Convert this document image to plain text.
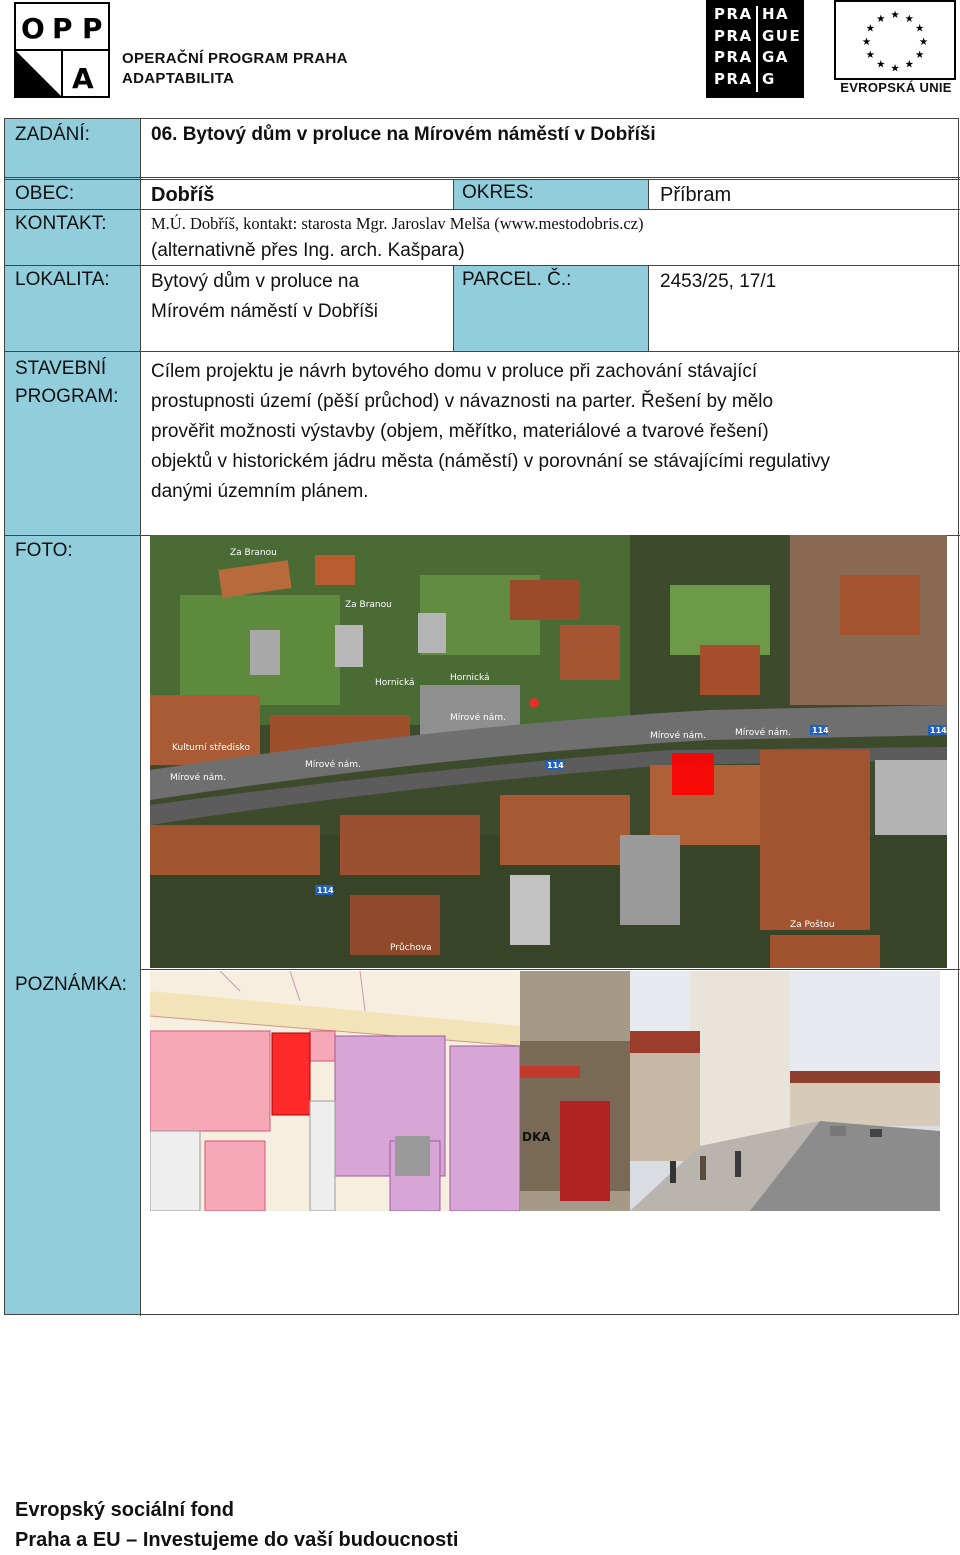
O P P
A
OPERAČNÍ PROGRAM PRAHA
ADAPTABILITA
PRA
PRA
PRA
PRA
HA
GUE
GA
G
★ ★
★
★
★
★
★
★
★
★
★
★
EVROPSKÁ UNIE
ZADÁNÍ:	06. Bytový dům v proluce na Mírovém náměstí v Dobříši
OBEC:	Dobříš	OKRES:	Příbram
KONTAKT:	M.Ú. Dobříš, kontakt: starosta Mgr. Jaroslav Melša (www.mestodobris.cz)
(alternativně přes Ing. arch. Kašpara)
LOKALITA: Bytový dům v proluce na
Mírovém náměstí v Dobříši
PARCEL. Č.:	2453/25, 17/1
STAVEBNÍ
PROGRAM:
Cílem projektu je návrh bytového domu v proluce při zachování stávající
prostupnosti území (pěší průchod) v návaznosti na parter. Řešení by mělo
prověřit možnosti výstavby (objem, měřítko, materiálové a tvarové řešení)
objektů v historickém jádru města (náměstí) v porovnání se stávajícími regulativy
danými územním plánem.
FOTO:
POZNÁMKA:
Za Branou
Za Branou
Hornická	Hornická
Mírové nám.
Mírové nám.
Mírové nám.
Mírové nám.	Mírové nám.
Za Poštou
Průchova
Kulturní středisko
114
114	114
114
DKA
Evropský sociální fond
Praha a EU – Investujeme do vaší budoucnosti
